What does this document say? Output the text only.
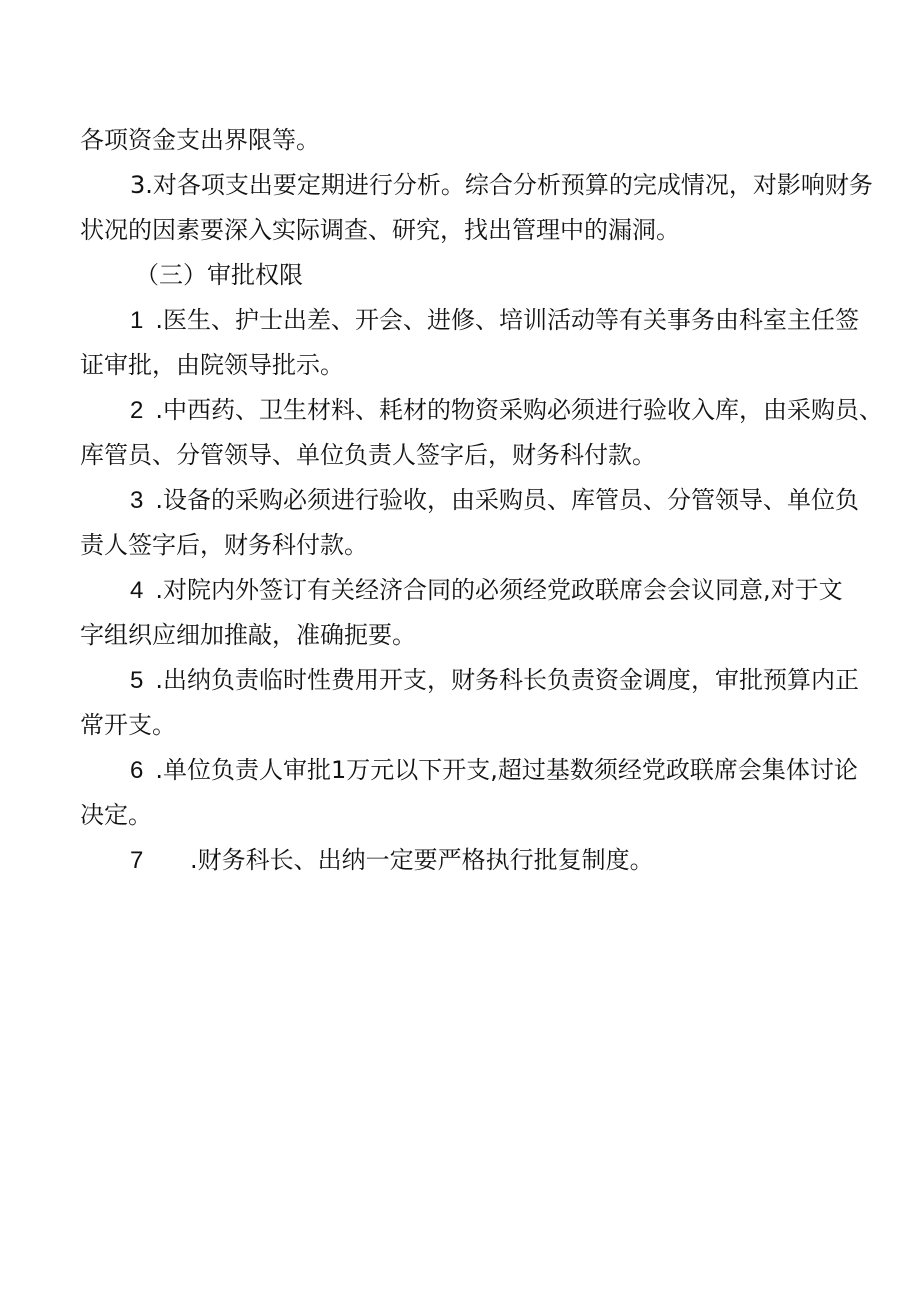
各项资金支出界限等。
3.对各项支出要定期进行分析。综合分析预算的完成情况，对影响财务
状况的因素要深入实际调查、研究，找出管理中的漏洞。
（三）审批权限
1 .医生、护士出差、开会、进修、培训活动等有关事务由科室主任签
证审批，由院领导批示。
2 .中西药、卫生材料、耗材的物资采购必须进行验收入库，由采购员、
库管员、分管领导、单位负责人签字后，财务科付款。
3 .设备的采购必须进行验收，由采购员、库管员、分管领导、单位负
责人签字后，财务科付款。
4 .对院内外签订有关经济合同的必须经党政联席会会议同意,对于文
字组织应细加推敲，准确扼要。
5 .出纳负责临时性费用开支，财务科长负责资金调度，审批预算内正
常开支。
6 .单位负责人审批1万元以下开支,超过基数须经党政联席会集体讨论
决定。
7 .财务科长、出纳一定要严格执行批复制度。
